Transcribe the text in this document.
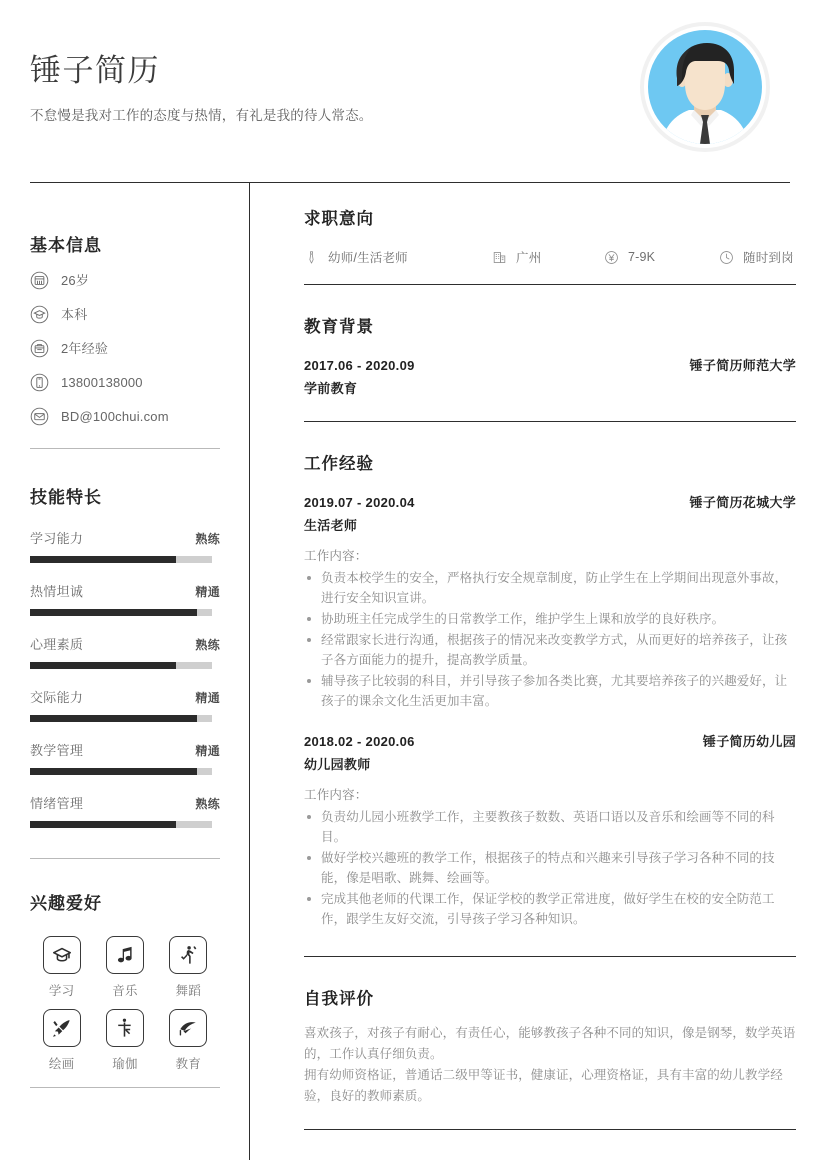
锤子简历

不怠慢是我对工作的态度与热情，有礼是我的待人常态。

基本信息
26岁
本科
2年经验
13800138000
BD@100chui.com
技能特长
学习能力	熟练
热情坦诚	精通
心理素质	熟练
交际能力	精通
教学管理	精通
情绪管理	熟练
兴趣爱好
学习	音乐	舞蹈
绘画	瑜伽	教育
求职意向
幼师/生活老师	广州	7-9K	随时到岗
教育背景
2017.06 - 2020.09	锤子简历师范大学
学前教育
工作经验
2019.07 - 2020.04	锤子简历花城大学
生活老师
工作内容：
负责本校学生的安全，严格执行安全规章制度，防止学生在上学期间出现意外事故，进行安全知识宣讲。
协助班主任完成学生的日常教学工作，维护学生上课和放学的良好秩序。
经常跟家长进行沟通，根据孩子的情况来改变教学方式，从而更好的培养孩子，让孩子各方面能力的提升，提高教学质量。
辅导孩子比较弱的科目，并引导孩子参加各类比赛，尤其要培养孩子的兴趣爱好，让孩子的课余文化生活更加丰富。
2018.02 - 2020.06	锤子简历幼儿园
幼儿园教师
工作内容：
负责幼儿园小班教学工作，主要教孩子数数、英语口语以及音乐和绘画等不同的科目。
做好学校兴趣班的教学工作，根据孩子的特点和兴趣来引导孩子学习各种不同的技能，像是唱歌、跳舞、绘画等。
完成其他老师的代课工作，保证学校的教学正常进度，做好学生在校的安全防范工作，跟学生友好交流，引导孩子学习各种知识。
自我评价

喜欢孩子，对孩子有耐心，有责任心，能够教孩子各种不同的知识，像是钢琴，数学英语的，工作认真仔细负责。

拥有幼师资格证，普通话二级甲等证书，健康证，心理资格证，具有丰富的幼儿教学经验，良好的教师素质。
